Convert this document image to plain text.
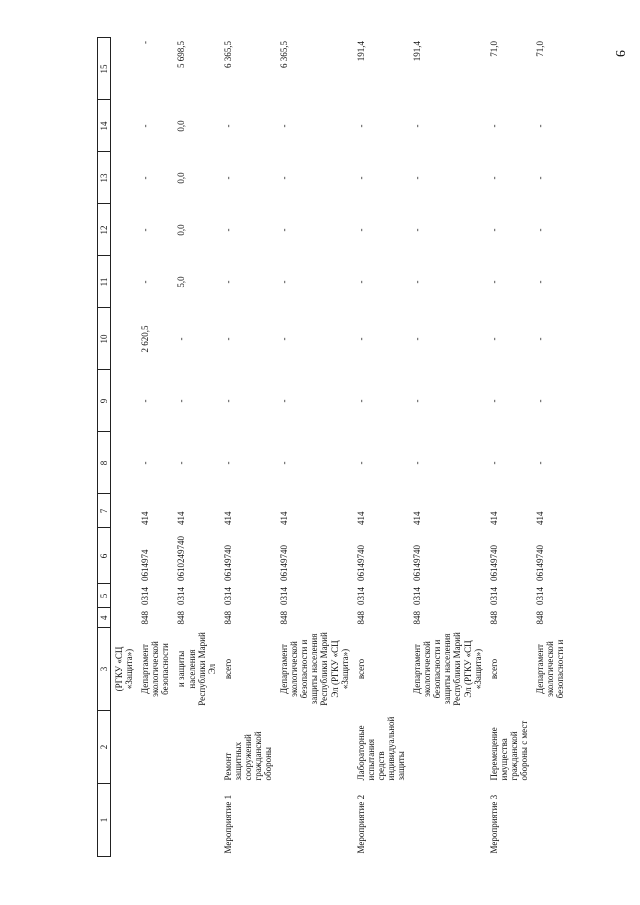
9
1	2	3	4	5	6	7	8	9	10	11	12	13	14	15
		(РГКУ «СЦ «Защита»)												
		Департамент экологической безопасности	848	0314	0614974	414	-	-	2 620,5	-	-	-	-	-
		и защиты населения Республики Марий Эл	848	0314	0610249740	414	-	-	-	5,0	0,0	0,0	0,0	5 698,5
Мероприятие 1	Ремонт защитных сооружений гражданской обороны	всего	848	0314	06149740	414	-	-	-	-	-	-	-	6 365,5
		Департамент экологической безопасности и защиты населения Республики Марий Эл (РГКУ «СЦ «Защита»)	848	0314	06149740	414	-	-	-	-	-	-	-	6 365,5
Мероприятие 2	Лабораторные испытания средств индивидуальной защиты	всего	848	0314	06149740	414	-	-	-	-	-	-	-	191,4
		Департамент экологической безопасности и защиты населения Республики Марий Эл (РГКУ «СЦ «Защита»)	848	0314	06149740	414	-	-	-	-	-	-	-	191,4
Мероприятие 3	Перемещение имущества гражданской обороны с мест	всего	848	0314	06149740	414	-	-	-	-	-	-	-	71,0
		Департамент экологической безопасности и	848	0314	06149740	414	-	-	-	-	-	-	-	71,0
